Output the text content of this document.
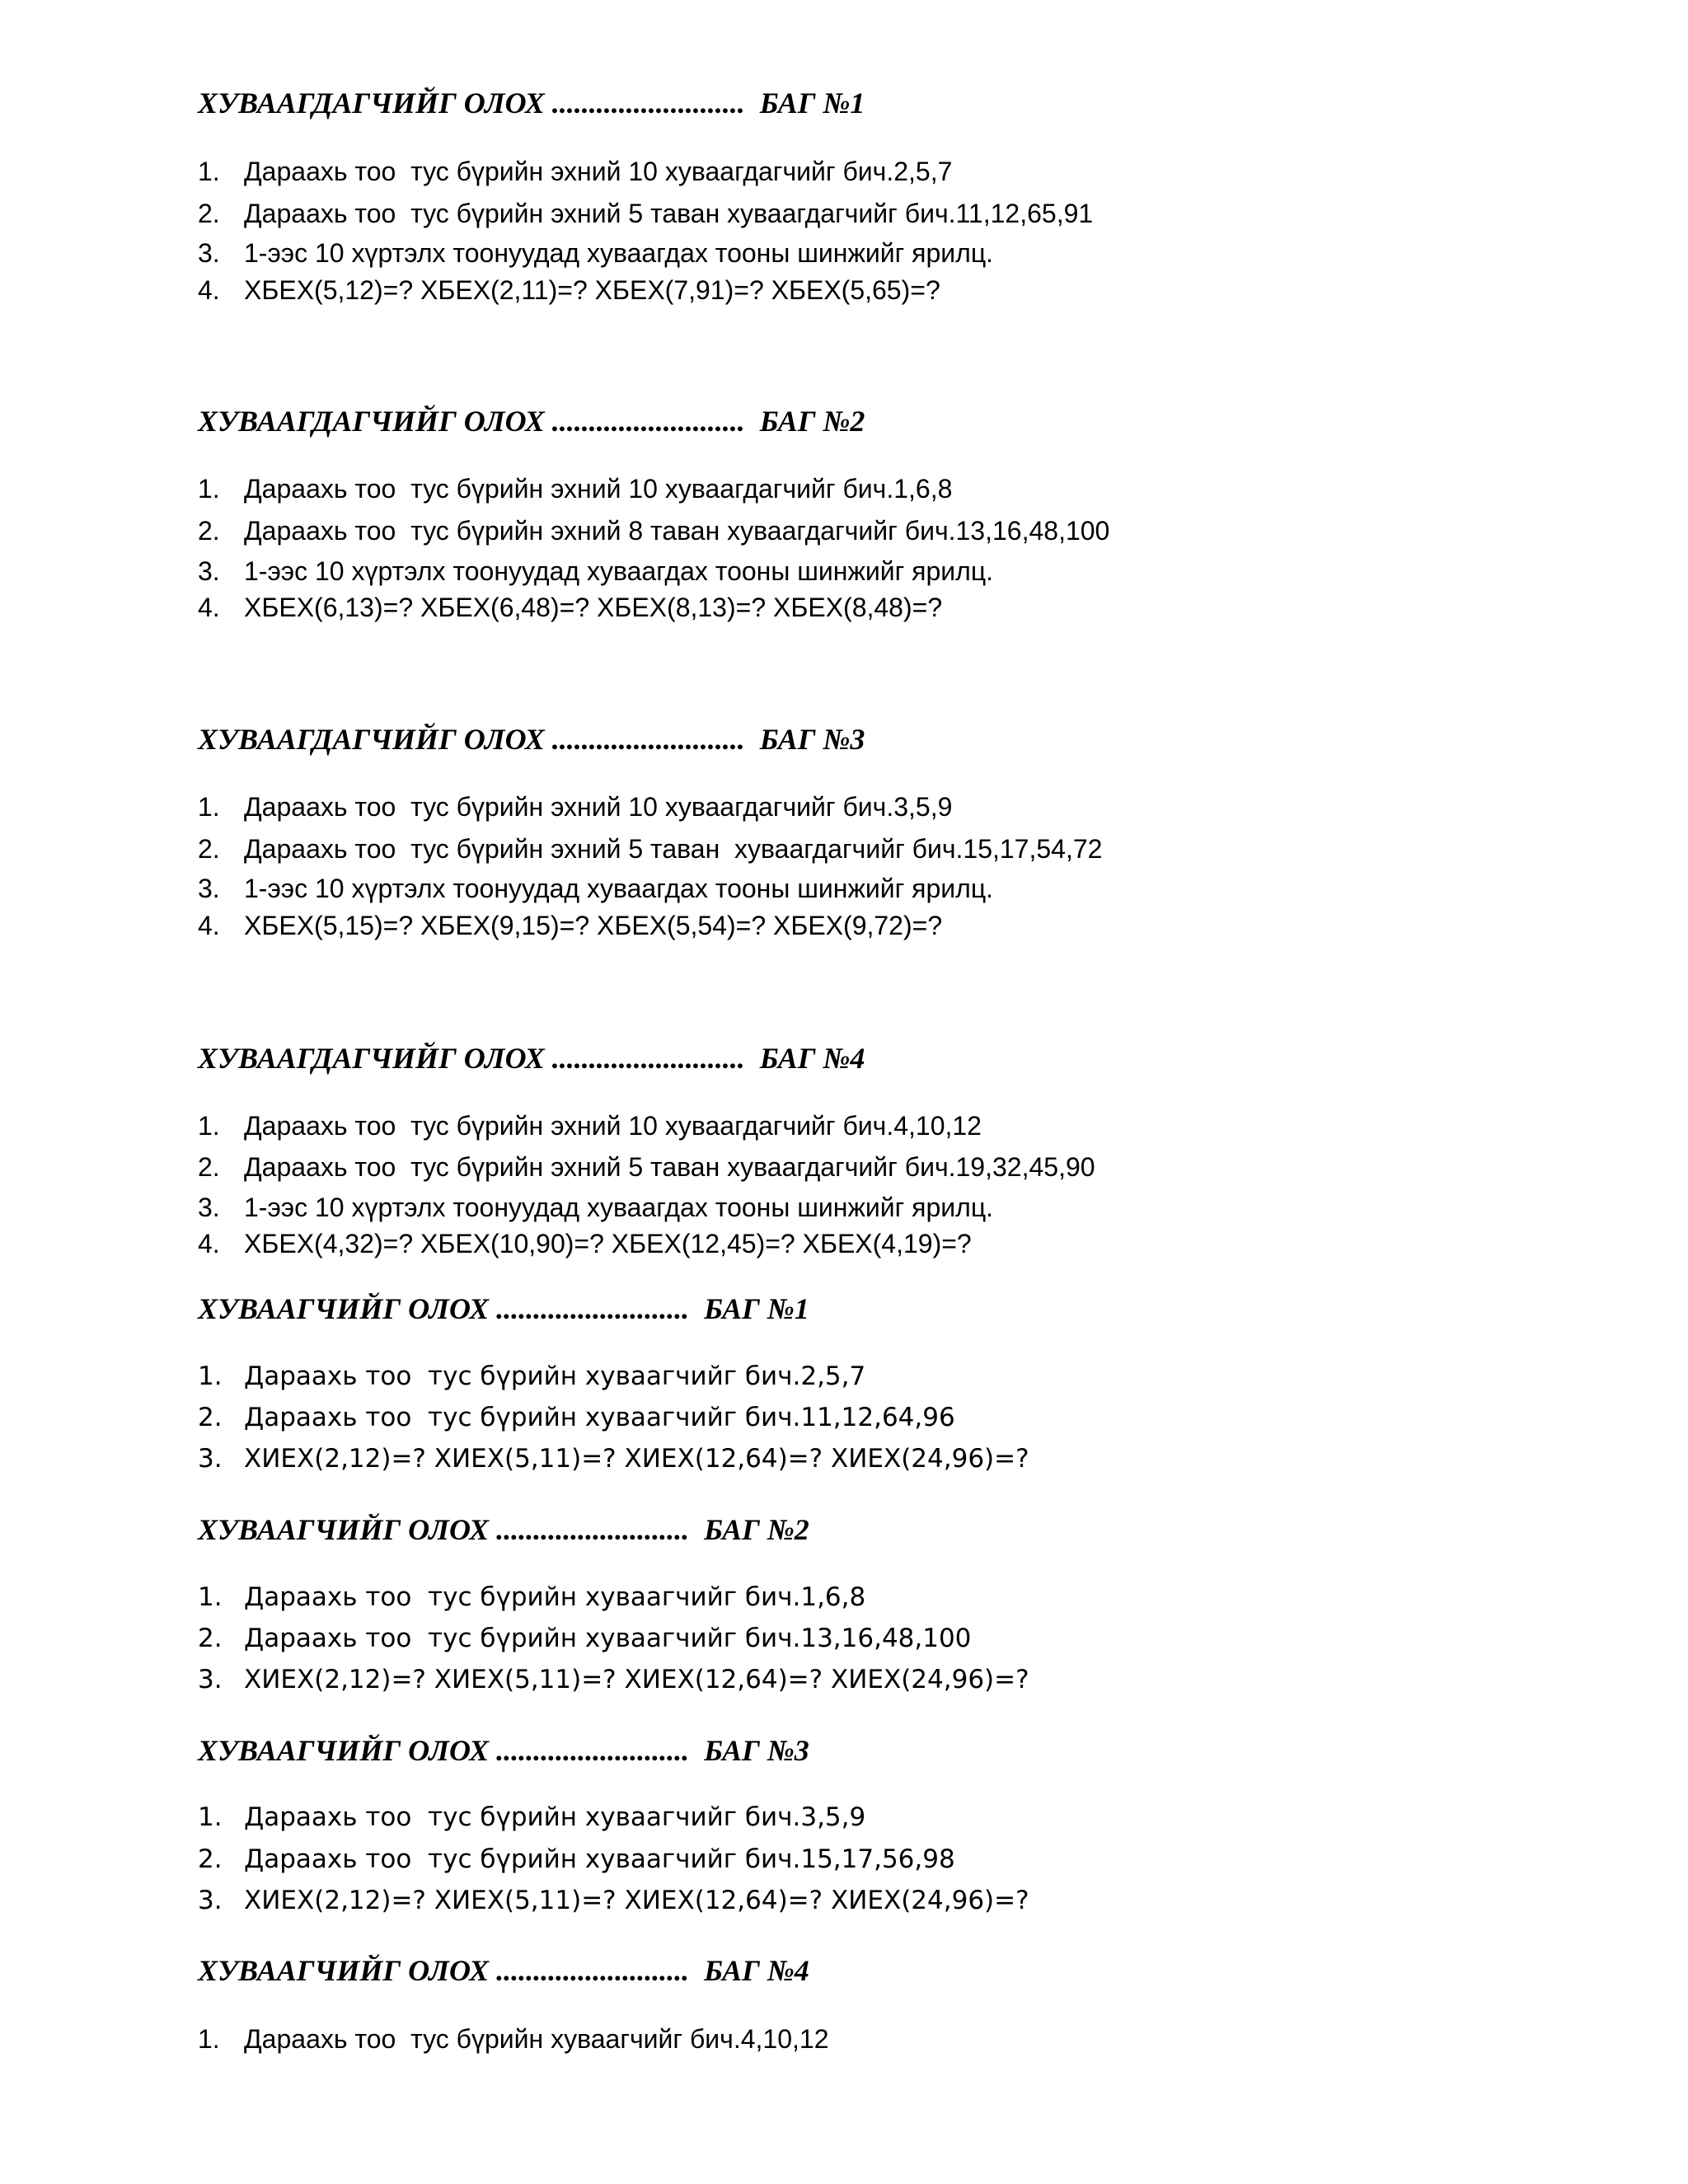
ХУВААГДАГЧИЙГ ОЛОХ ..........................  БАГ №1

1. Дараахь тоо  тус бүрийн эхний 10 хуваагдагчийг бич.2,5,7

2. Дараахь тоо  тус бүрийн эхний 5 таван хуваагдагчийг бич.11,12,65,91

3. 1-ээс 10 хүртэлх тоонуудад хуваагдах тооны шинжийг ярилц.

4. ХБЕХ(5,12)=? ХБЕХ(2,11)=? ХБЕХ(7,91)=? ХБЕХ(5,65)=?

ХУВААГДАГЧИЙГ ОЛОХ ..........................  БАГ №2

1. Дараахь тоо  тус бүрийн эхний 10 хуваагдагчийг бич.1,6,8

2. Дараахь тоо  тус бүрийн эхний 8 таван хуваагдагчийг бич.13,16,48,100

3. 1-ээс 10 хүртэлх тоонуудад хуваагдах тооны шинжийг ярилц.

4. ХБЕХ(6,13)=? ХБЕХ(6,48)=? ХБЕХ(8,13)=? ХБЕХ(8,48)=?

ХУВААГДАГЧИЙГ ОЛОХ ..........................  БАГ №3

1. Дараахь тоо  тус бүрийн эхний 10 хуваагдагчийг бич.3,5,9

2. Дараахь тоо  тус бүрийн эхний 5 таван  хуваагдагчийг бич.15,17,54,72

3. 1-ээс 10 хүртэлх тоонуудад хуваагдах тооны шинжийг ярилц.

4. ХБЕХ(5,15)=? ХБЕХ(9,15)=? ХБЕХ(5,54)=? ХБЕХ(9,72)=?

ХУВААГДАГЧИЙГ ОЛОХ ..........................  БАГ №4

1. Дараахь тоо  тус бүрийн эхний 10 хуваагдагчийг бич.4,10,12

2. Дараахь тоо  тус бүрийн эхний 5 таван хуваагдагчийг бич.19,32,45,90

3. 1-ээс 10 хүртэлх тоонуудад хуваагдах тооны шинжийг ярилц.

4. ХБЕХ(4,32)=? ХБЕХ(10,90)=? ХБЕХ(12,45)=? ХБЕХ(4,19)=?

ХУВААГЧИЙГ ОЛОХ ..........................  БАГ №1

1. Дараахь тоо  тус бүрийн хуваагчийг бич.2,5,7

2. Дараахь тоо  тус бүрийн хуваагчийг бич.11,12,64,96

3. ХИЕХ(2,12)=? ХИЕХ(5,11)=? ХИЕХ(12,64)=? ХИЕХ(24,96)=?

ХУВААГЧИЙГ ОЛОХ ..........................  БАГ №2

1. Дараахь тоо  тус бүрийн хуваагчийг бич.1,6,8

2. Дараахь тоо  тус бүрийн хуваагчийг бич.13,16,48,100

3. ХИЕХ(2,12)=? ХИЕХ(5,11)=? ХИЕХ(12,64)=? ХИЕХ(24,96)=?

ХУВААГЧИЙГ ОЛОХ ..........................  БАГ №3

1. Дараахь тоо  тус бүрийн хуваагчийг бич.3,5,9

2. Дараахь тоо  тус бүрийн хуваагчийг бич.15,17,56,98

3. ХИЕХ(2,12)=? ХИЕХ(5,11)=? ХИЕХ(12,64)=? ХИЕХ(24,96)=?

ХУВААГЧИЙГ ОЛОХ ..........................  БАГ №4

1. Дараахь тоо  тус бүрийн хуваагчийг бич.4,10,12
